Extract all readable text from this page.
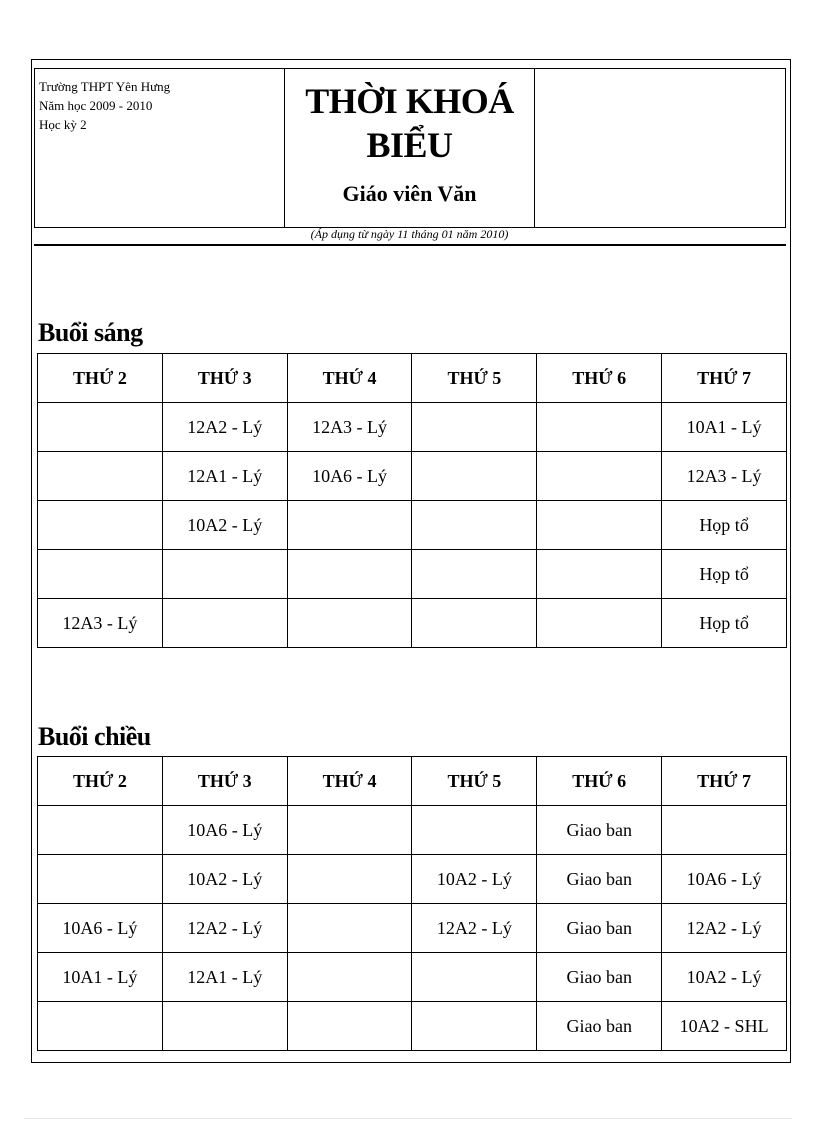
Trường THPT Yên Hưng
Năm học 2009 - 2010
Học kỳ 2
THỜI KHOÁ BIỂU
Giáo viên Văn
(Áp dụng từ ngày 11 tháng 01 năm 2010)
Buổi sáng
THỨ 2	THỨ 3	THỨ 4	THỨ 5	THỨ 6	THỨ 7
	12A2 - Lý	12A3 - Lý			10A1 - Lý
	12A1 - Lý	10A6 - Lý			12A3 - Lý
	10A2 - Lý				Họp tổ
					Họp tổ
12A3 - Lý					Họp tổ
Buổi chiều
THỨ 2	THỨ 3	THỨ 4	THỨ 5	THỨ 6	THỨ 7
	10A6 - Lý			Giao ban	
	10A2 - Lý		10A2 - Lý	Giao ban	10A6 - Lý
10A6 - Lý	12A2 - Lý		12A2 - Lý	Giao ban	12A2 - Lý
10A1 - Lý	12A1 - Lý			Giao ban	10A2 - Lý
				Giao ban	10A2 - SHL
